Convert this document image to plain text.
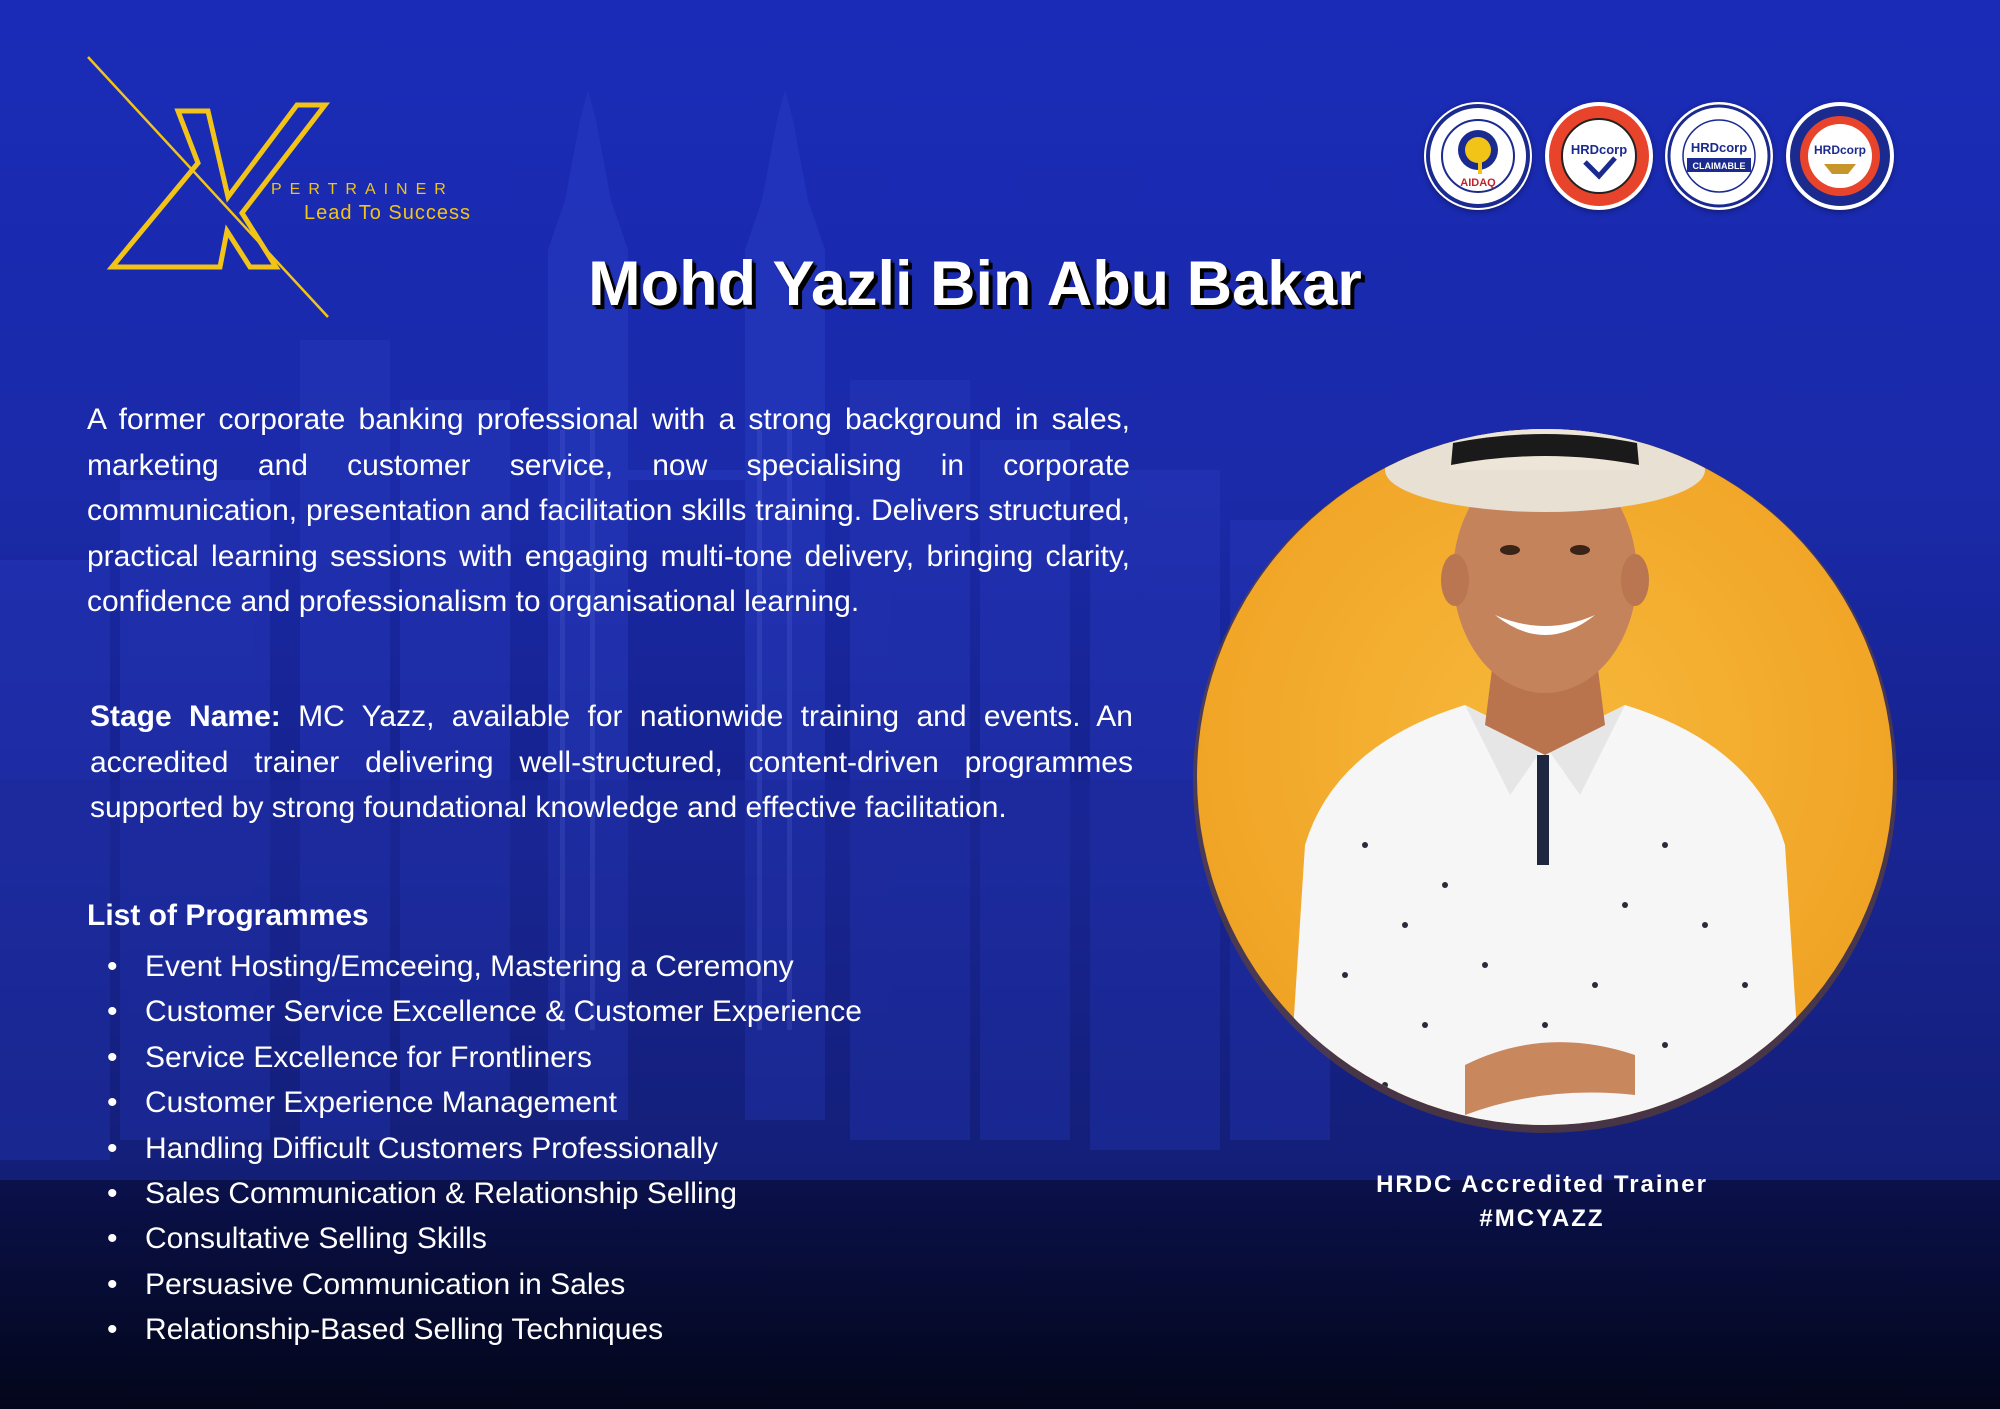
PERTRAINER
Lead To Success
AIDAQ
HRDcorp	HRDcorp
CLAIMABLE
HRDcorp
Mohd Yazli Bin Abu Bakar
A former corporate banking professional with a strong background in sales, marketing and customer service, now specialising in corporate communication, presentation and facilitation skills training. Delivers structured, practical learning sessions with engaging multi-tone delivery, bringing clarity, confidence and professionalism to organisational learning.
Stage Name: MC Yazz, available for nationwide training and events. An accredited trainer delivering well-structured, content-driven programmes supported by strong foundational knowledge and effective facilitation.
List of Programmes
• Event Hosting/Emceeing, Mastering a Ceremony
• Customer Service Excellence & Customer Experience
• Service Excellence for Frontliners
• Customer Experience Management
• Handling Difficult Customers Professionally
• Sales Communication & Relationship Selling
• Consultative Selling Skills
• Persuasive Communication in Sales
• Relationship-Based Selling Techniques
HRDC Accredited Trainer
#MCYAZZ
